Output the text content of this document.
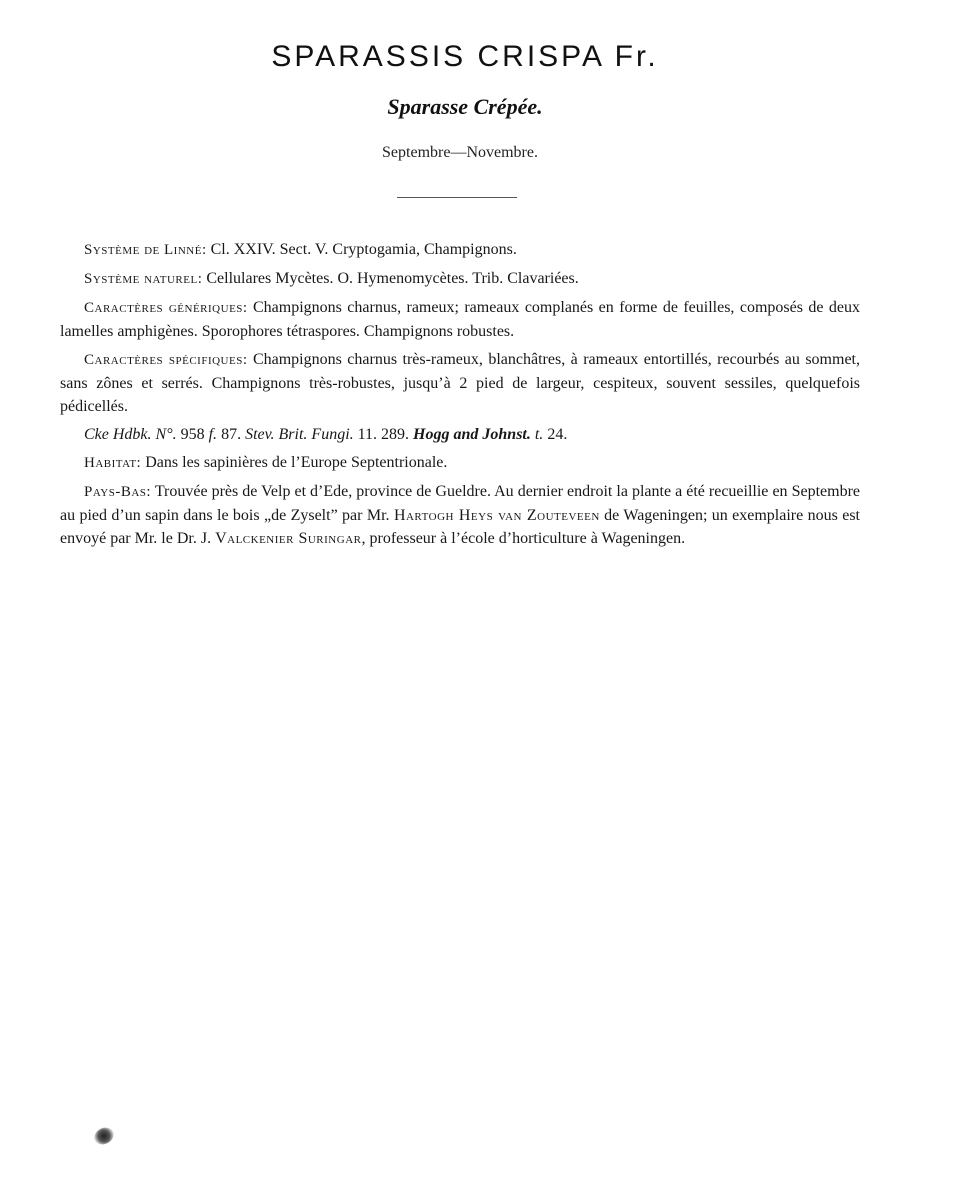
SPARASSIS CRISPA Fr.
Sparasse Crépée.
Septembre—Novembre.

Système de Linné: Cl. XXIV. Sect. V. Cryptogamia, Champignons.

Système naturel: Cellulares Mycètes. O. Hymenomycètes. Trib. Clavariées.

Caractères génériques: Champignons charnus, rameux; rameaux complanés en forme de feuilles, composés de deux lamelles amphigènes. Sporophores tétraspores. Champignons robustes.

Caractères spécifiques: Champignons charnus très-rameux, blanchâtres, à rameaux entortillés, recourbés au sommet, sans zônes et serrés. Champignons très-robustes, jusqu’à 2 pied de largeur, cespiteux, souvent sessiles, quelquefois pédicellés.

Cke Hdbk. N°. 958 f. 87. Stev. Brit. Fungi. 11. 289. Hogg and Johnst. t. 24.

Habitat: Dans les sapinières de l’Europe Septentrionale.

Pays-Bas: Trouvée près de Velp et d’Ede, province de Gueldre. Au dernier endroit la plante a été recueillie en Septembre au pied d’un sapin dans le bois „de Zyselt” par Mr. Hartogh Heys van Zouteveen de Wageningen; un exemplaire nous est envoyé par Mr. le Dr. J. Valckenier Suringar, professeur à l’école d’horticulture à Wageningen.
